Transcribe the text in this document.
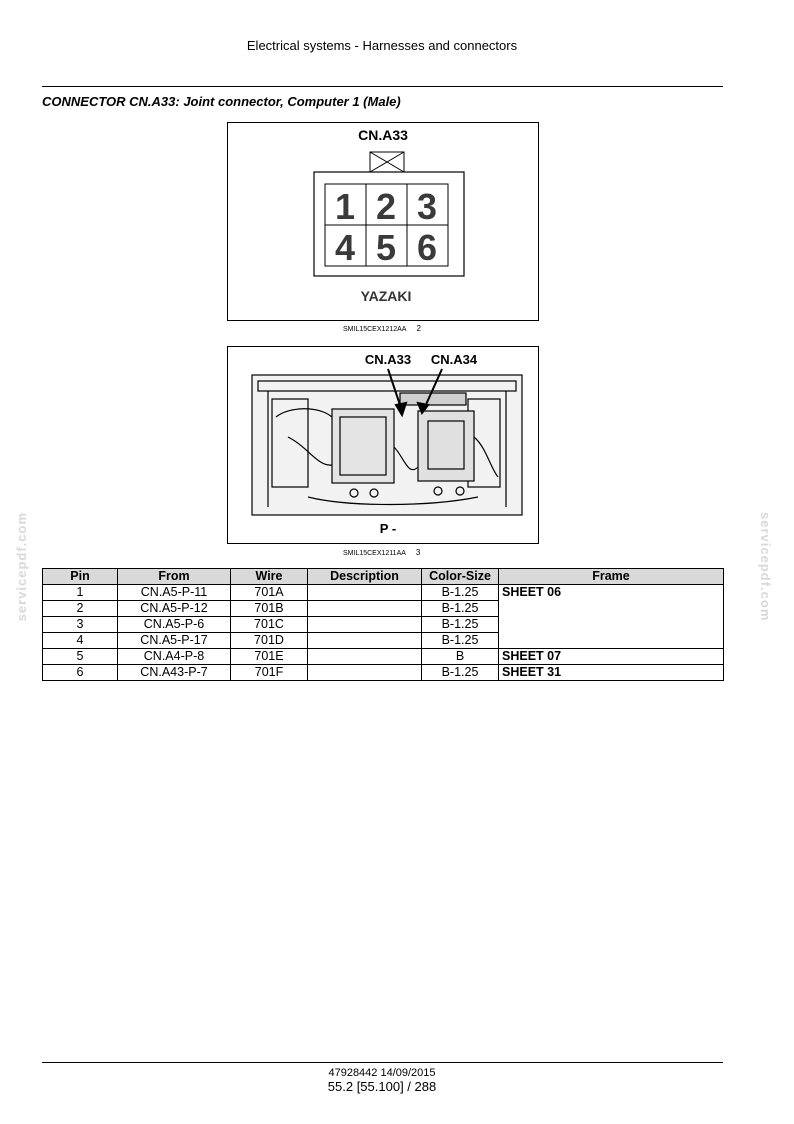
Electrical systems - Harnesses and connectors
CONNECTOR CN.A33: Joint connector, Computer 1 (Male)
CN.A33
1 2 3
4 5 6
YAZAKI
SMIL15CEX1212AA 2
CN.A33 CN.A34
P -
SMIL15CEX1211AA 3
servicepdf.com	servicepdf.com
Pin	From	Wire	Description	Color-Size	Frame
1	CN.A5-P-11	701A		B-1.25	SHEET 06
2	CN.A5-P-12	701B		B-1.25	
3	CN.A5-P-6	701C		B-1.25	
4	CN.A5-P-17	701D		B-1.25	
5	CN.A4-P-8	701E		B	SHEET 07
6	CN.A43-P-7	701F		B-1.25	SHEET 31
47928442 14/09/2015
55.2 [55.100] / 288
